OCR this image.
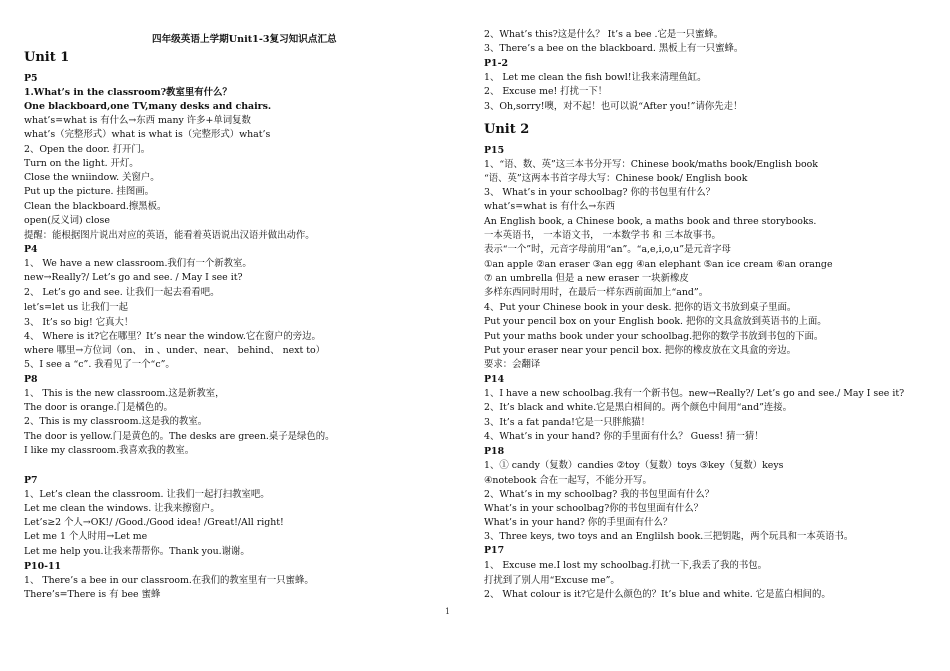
四年级英语上学期Unit1-3复习知识点汇总
Unit 1
P5
1.What’s in the classroom?教室里有什么？
One blackboard,one TV,many desks and chairs.
what’s=what is 有什么→东西 many 许多+单词复数
what’s（完整形式）what is what is（完整形式）what’s
2、Open the door. 打开门。
Turn on the light. 开灯。
Close the wniindow. 关窗户。
Put up the picture. 挂图画。
Clean the blackboard.擦黑板。
open(反义词) close
提醒：能根据图片说出对应的英语，能看着英语说出汉语并做出动作。
P4
1、 We have a new classroom.我们有一个新教室。
new→Really?/ Let’s go and see. / May I see it?
2、 Let’s go and see. 让我们一起去看看吧。
let’s=let us 让我们一起
3、 It’s so big! 它真大！
4、 Where is it?它在哪里？It’s near the window.它在窗户的旁边。
where 哪里→方位词（on、 in 、under、near、 behind、 next to）
5、I see a “c”. 我看见了一个“c”。
P8
1、 This is the new classroom.这是新教室，
The door is orange.门是橘色的。
2、This is my classroom.这是我的教室。
The door is yellow.门是黄色的。The desks are green.桌子是绿色的。
I like my classroom.我喜欢我的教室。
P7
1、Let’s clean the classroom. 让我们一起打扫教室吧。
Let me clean the windows. 让我来擦窗户。
Let’s≥2 个人→OK!/ /Good./Good idea! /Great!/All right!
Let me 1 个人时用→Let me
Let me help you.让我来帮帮你。Thank you.谢谢。
P10-11
1、 There’s a bee in our classroom.在我们的教室里有一只蜜蜂。
There’s=There is 有 bee 蜜蜂
2、What’s this?这是什么？ It’s a bee .它是一只蜜蜂。
3、There’s a bee on the blackboard. 黑板上有一只蜜蜂。
P1-2
1、 Let me clean the fish bowl!让我来清理鱼缸。
2、 Excuse me! 打扰一下！
3、Oh,sorry!噢，对不起！也可以说“After you!”请你先走！
Unit 2
P15
1、“语、数、英”这三本书分开写：Chinese book/maths book/English book
“语、英”这两本书首字母大写：Chinese book/ English book
3、 What’s in your schoolbag? 你的书包里有什么？
what’s=what is 有什么→东西
An English book, a Chinese book, a maths book and three storybooks.
一本英语书， 一本语文书， 一本数学书 和 三本故事书。
表示“一个”时，元音字母前用“an”。“a,e,i,o,u”是元音字母
①an apple ②an eraser ③an egg ④an elephant ⑤an ice cream ⑥an orange
⑦ an umbrella 但是 a new eraser 一块新橡皮
多样东西同时用时，在最后一样东西前面加上“and”。
4、Put your Chinese book in your desk. 把你的语文书放到桌子里面。
Put your pencil box on your English book. 把你的文具盒放到英语书的上面。
Put your maths book under your schoolbag.把你的数学书放到书包的下面。
Put your eraser near your pencil box. 把你的橡皮放在文具盒的旁边。
要求：会翻译
P14
1、I have a new schoolbag.我有一个新书包。new→Really?/ Let’s go and see./ May I see it?
2、It’s black and white.它是黑白相间的。两个颜色中间用“and”连接。
3、It’s a fat panda!它是一只胖熊猫！
4、What’s in your hand? 你的手里面有什么？ Guess! 猜一猜！
P18
1、① candy（复数）candies ②toy（复数）toys ③key（复数）keys
④notebook 合在一起写，不能分开写。
2、What’s in my schoolbag? 我的书包里面有什么？
What’s in your schoolbag?你的书包里面有什么？
What’s in your hand? 你的手里面有什么？
3、Three keys, two toys and an Englilsh book.三把钥匙，两个玩具和一本英语书。
P17
1、 Excuse me.I lost my schoolbag.打扰一下,我丢了我的书包。
打扰到了别人用“Excuse me”。
2、 What colour is it?它是什么颜色的？It’s blue and white. 它是蓝白相间的。
1
